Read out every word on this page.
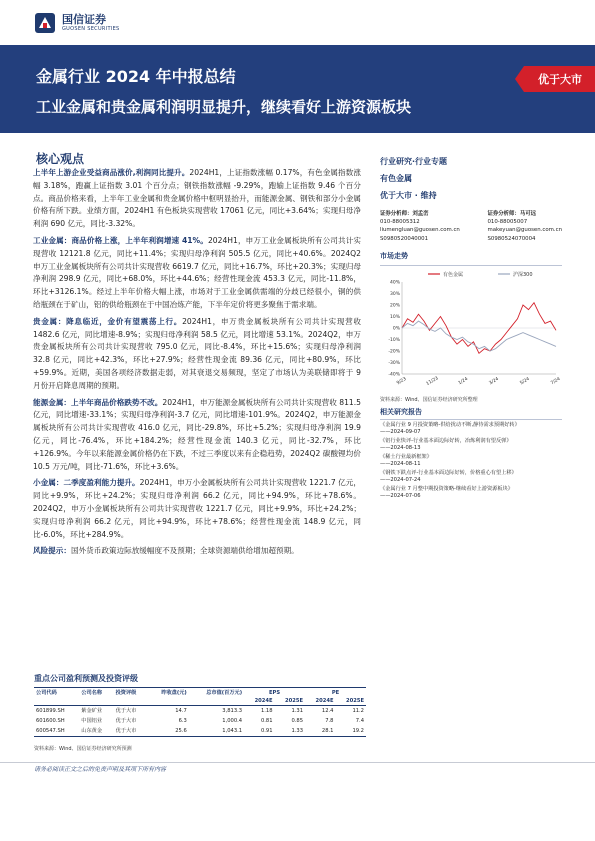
国信证券
GUOSEN SECURITIES
金属行业 2024 年中报总结
工业金属和贵金属利润明显提升，继续看好上游资源板块
优于大市
核心观点

上半年上游企业受益商品涨价,利润同比提升。2024H1，上证指数涨幅 0.17%，有色金属指数涨幅 3.18%，跑赢上证指数 3.01 个百分点；钢铁指数涨幅 -9.29%，跑输上证指数 9.46 个百分点。商品价格来看，上半年工业金属和贵金属价格中枢明显抬升，而能源金属、钢铁和部分小金属价格有所下跌。业绩方面，2024H1 有色板块实现营收 17061 亿元，同比+3.64%；实现归母净利润 690 亿元，同比-3.32%。

工业金属：商品价格上涨，上半年利润增速 41%。2024H1，申万工业金属板块所有公司共计实现营收 12121.8 亿元，同比+11.4%；实现归母净利润 505.5 亿元，同比+40.6%。2024Q2 申万工业金属板块所有公司共计实现营收 6619.7 亿元，同比+16.7%，环比+20.3%；实现归母净利润 298.9 亿元，同比+68.0%，环比+44.6%；经营性现金流 453.3 亿元，同比-11.8%，环比+3126.1%。经过上半年价格大幅上涨，市场对于工业金属供需端的分歧已经很小，铜的供给瓶颈在于矿山，铝的供给瓶颈在于中国冶炼产能，下半年定价将更多聚焦于需求端。

贵金属：降息临近，金价有望震荡上行。2024H1，申万贵金属板块所有公司共计实现营收 1482.6 亿元，同比增速-8.9%；实现归母净利润 58.5 亿元，同比增速 53.1%。2024Q2，申万贵金属板块所有公司共计实现营收 795.0 亿元，同比-8.4%，环比+15.6%；实现归母净利润 32.8 亿元，同比+42.3%，环比+27.9%；经营性现金流 89.36 亿元，同比+80.9%，环比+59.9%。近期，美国各项经济数据走弱，对其衰退交易频现，坚定了市场认为美联储即将于 9 月份开启降息周期的预期。

能源金属：上半年商品价格跌势不改。2024H1，申万能源金属板块所有公司共计实现营收 811.5 亿元，同比增速-33.1%；实现归母净利润-3.7 亿元，同比增速-101.9%。2024Q2，申万能源金属板块所有公司共计实现营收 416.0 亿元，同比-29.8%，环比+5.2%；实现归母净利润 19.9 亿元，同比-76.4%，环比+184.2%；经营性现金流 140.3 亿元，同比-32.7%，环比+126.9%。今年以来能源金属价格仍在下跌，不过三季度以来有企稳趋势，2024Q2 碳酸锂均价 10.5 万元/吨，同比-71.6%，环比+3.6%。

小金属：二季度盈利能力提升。2024H1，申万小金属板块所有公司共计实现营收 1221.7 亿元，同比+9.9%，环比+24.2%；实现归母净利润 66.2 亿元，同比+94.9%，环比+78.6%。2024Q2，申万小金属板块所有公司共计实现营收 1221.7 亿元，同比+9.9%，环比+24.2%；实现归母净利润 66.2 亿元，同比+94.9%，环比+78.6%；经营性现金流 148.9 亿元，同比-6.0%，环比+284.9%。

风险提示：国外货币政策边际放缓幅度不及预期；全球资源端供给增加超预期。

行业研究·行业专题
有色金属
优于大市 · 维持
证券分析师：刘孟峦
010-88005312
liumengluan@guosen.com.cn
S0980520040001
证券分析师：马可远
010-88005007
makeyuan@guosen.com.cn
S0980524070004
市场走势
40%
30%
20%
10%
0%
-10%
-20%
-30%
-40%
9/23	11/23	1/24	3/24	5/24	7/24
有色金属	沪深300
资料来源：Wind、国信证券经济研究所整理
相关研究报告
《金属行业 9 月投资策略-供给扰动不断,静待需求预期好转》
——2024-09-07
《铝行业快评-行业基本面边际好转，冶炼利润有望反弹》
——2024-08-13
《稀土行业最新框架》
——2024-08-11
《钢铁下跌点评-行业基本面边际好转，价格重心有望上移》
——2024-07-24
《金属行业 7 月整中期投资策略-继续看好上游资源板块》
——2024-07-06
重点公司盈利预测及投资评级
公司代码	公司名称	投资评级	昨收盘(元)	总市值(百万元)	EPS		PE	
					2024E	2025E	2024E	2025E
601899.SH	紫金矿业	优于大市	14.7	3,813.3	1.18	1.31	12.4	11.2
601600.SH	中国铝业	优于大市	6.3	1,000.4	0.81	0.85	7.8	7.4
600547.SH	山东黄金	优于大市	25.6	1,043.1	0.91	1.33	28.1	19.2
资料来源：Wind、国信证券经济研究所预测
请务必阅读正文之后的免责声明及其项下所有内容
